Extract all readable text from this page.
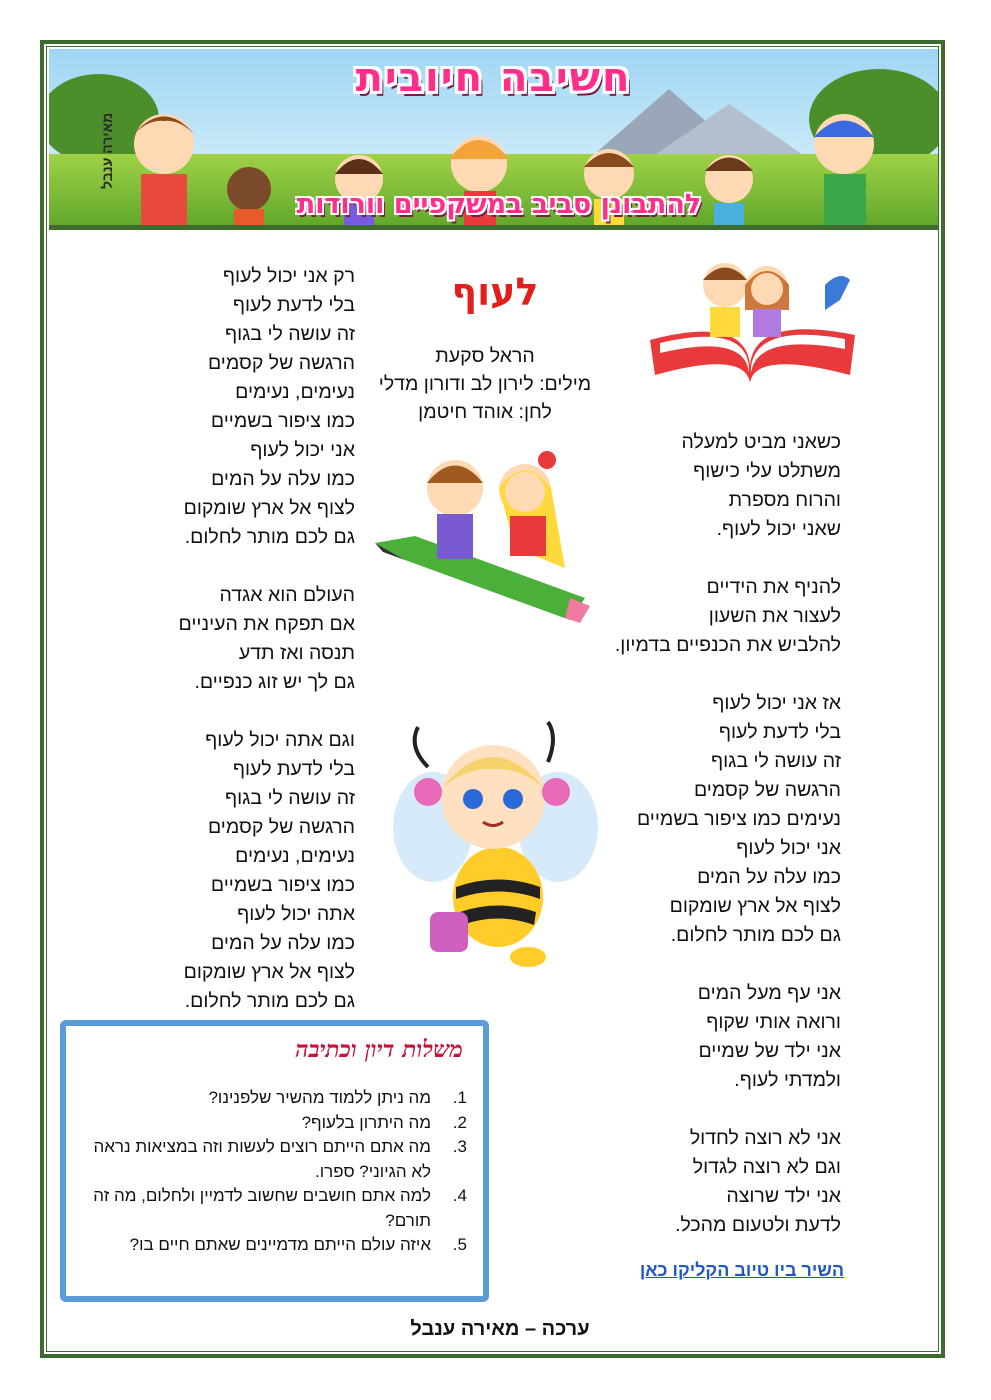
חשיבה חיובית
להתבונן סביב במשקפיים וורודות
מאירה ענבל
לעוף
הראל סקעת
מילים: לירון לב ודורון מדלי
לחן: אוהד חיטמן
כשאני מביט למעלה
משתלט עלי כישוף
והרוח מספרת
שאני יכול לעוף.
להניף את הידיים
לעצור את השעון
להלביש את הכנפיים בדמיון.
אז אני יכול לעוף
בלי לדעת לעוף
זה עושה לי בגוף
הרגשה של קסמים
נעימים כמו ציפור בשמיים
אני יכול לעוף
כמו עלה על המים
לצוף אל ארץ שומקום
גם לכם מותר לחלום.
אני עף מעל המים
ורואה אותי שקוף
אני ילד של שמיים
ולמדתי לעוף.
אני לא רוצה לחדול
וגם לא רוצה לגדול
אני ילד שרוצה
לדעת ולטעום מהכל.
רק אני יכול לעוף
בלי לדעת לעוף
זה עושה לי בגוף
הרגשה של קסמים
נעימים, נעימים
כמו ציפור בשמיים
אני יכול לעוף
כמו עלה על המים
לצוף אל ארץ שומקום
גם לכם מותר לחלום.
העולם הוא אגדה
אם תפקח את העיניים
תנסה ואז תדע
גם לך יש זוג כנפיים.
וגם אתה יכול לעוף
בלי לדעת לעוף
זה עושה לי בגוף
הרגשה של קסמים
נעימים, נעימים
כמו ציפור בשמיים
אתה יכול לעוף
כמו עלה על המים
לצוף אל ארץ שומקום
גם לכם מותר לחלום.
השיר ביו טיוב הקליקו כאן
משלות דיון וכתיבה
1.
מה ניתן ללמוד מהשיר שלפנינו?
2.
מה היתרון בלעוף?
3.
מה אתם הייתם רוצים לעשות וזה במציאות נראה לא הגיוני? ספרו.
4.
למה אתם חושבים שחשוב לדמיין ולחלום, מה זה תורם?
5.
איזה עולם הייתם מדמיינים שאתם חיים בו?
ערכה – מאירה ענבל
